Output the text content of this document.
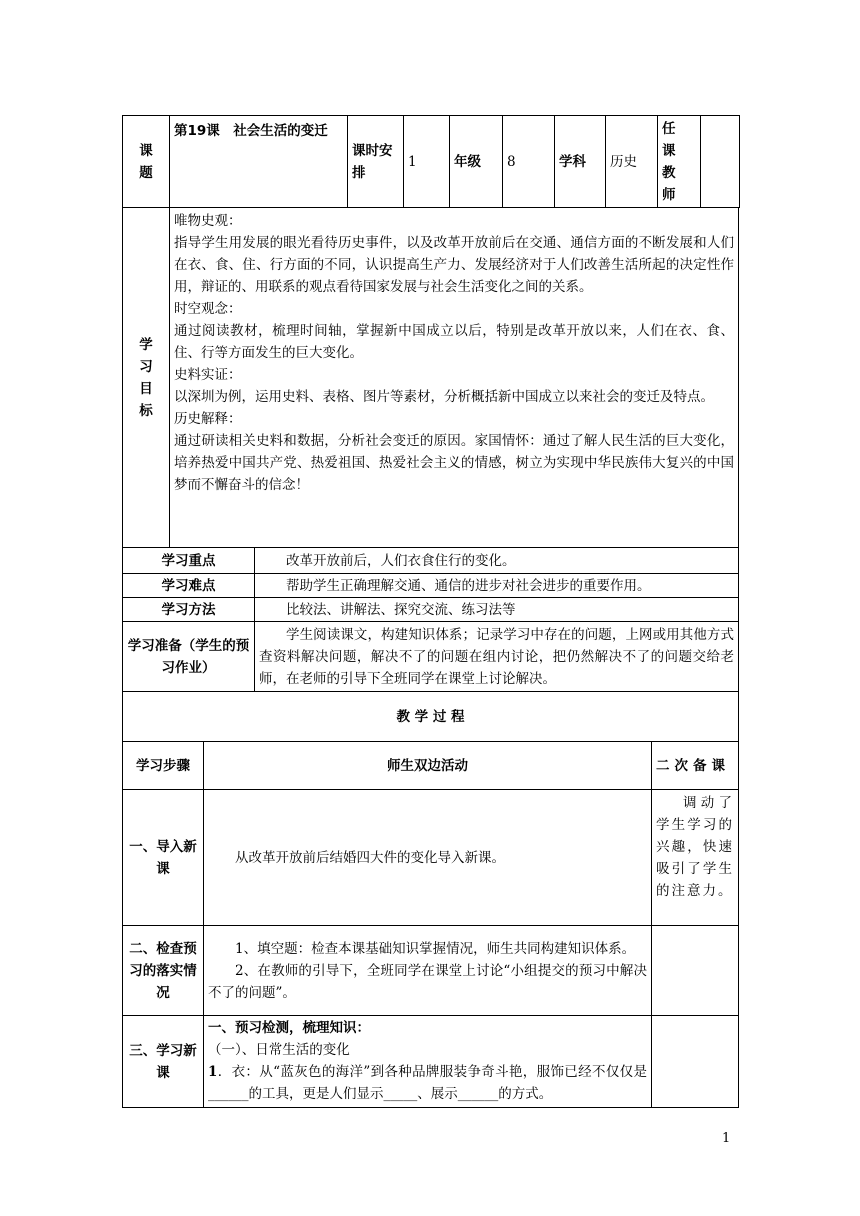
课题	第19课　社会生活的变迁	课时安排	1	年级	8	学科	历史	任课教师	
学习目标	
唯物史观：
指导学生用发展的眼光看待历史事件，以及改革开放前后在交通、通信方面的不断发展和人们在衣、食、住、行方面的不同，认识提高生产力、发展经济对于人们改善生活所起的决定性作用，辩证的、用联系的观点看待国家发展与社会生活变化之间的关系。
时空观念：
通过阅读教材，梳理时间轴，掌握新中国成立以后，特别是改革开放以来，人们在衣、食、住、行等方面发生的巨大变化。
史料实证：
以深圳为例，运用史料、表格、图片等素材，分析概括新中国成立以来社会的变迁及特点。
历史解释：
通过研读相关史料和数据，分析社会变迁的原因。家国情怀：通过了解人民生活的巨大变化，培养热爱中国共产党、热爱祖国、热爱社会主义的情感，树立为实现中华民族伟大复兴的中国梦而不懈奋斗的信念！
学习重点	改革开放前后，人们衣食住行的变化。
学习难点	帮助学生正确理解交通、通信的进步对社会进步的重要作用。
学习方法	比较法、讲解法、探究交流、练习法等
学习准备（学生的预习作业）	学生阅读课文，构建知识体系；记录学习中存在的问题，上网或用其他方式查资料解决问题，解决不了的问题在组内讨论，把仍然解决不了的问题交给老师，在老师的引导下全班同学在课堂上讨论解决。
教 学 过 程
学习步骤	师生双边活动	二次备课
一、导入新课	从改革开放前后结婚四大件的变化导入新课。	调动了学生学习的兴趣，快速吸引了学生的注意力。
二、检查预习的落实情况	1、填空题：检查本课基础知识掌握情况，师生共同构建知识体系。
2、在教师的引导下，全班同学在课堂上讨论“小组提交的预习中解决不了的问题”。	

三、学习新课	一、预习检测，梳理知识：
（一）、日常生活的变化
1．衣：从“蓝灰色的海洋”到各种品牌服装争奇斗艳，服饰已经不仅仅是______的工具，更是人们显示_____、展示______的方式。	

1
